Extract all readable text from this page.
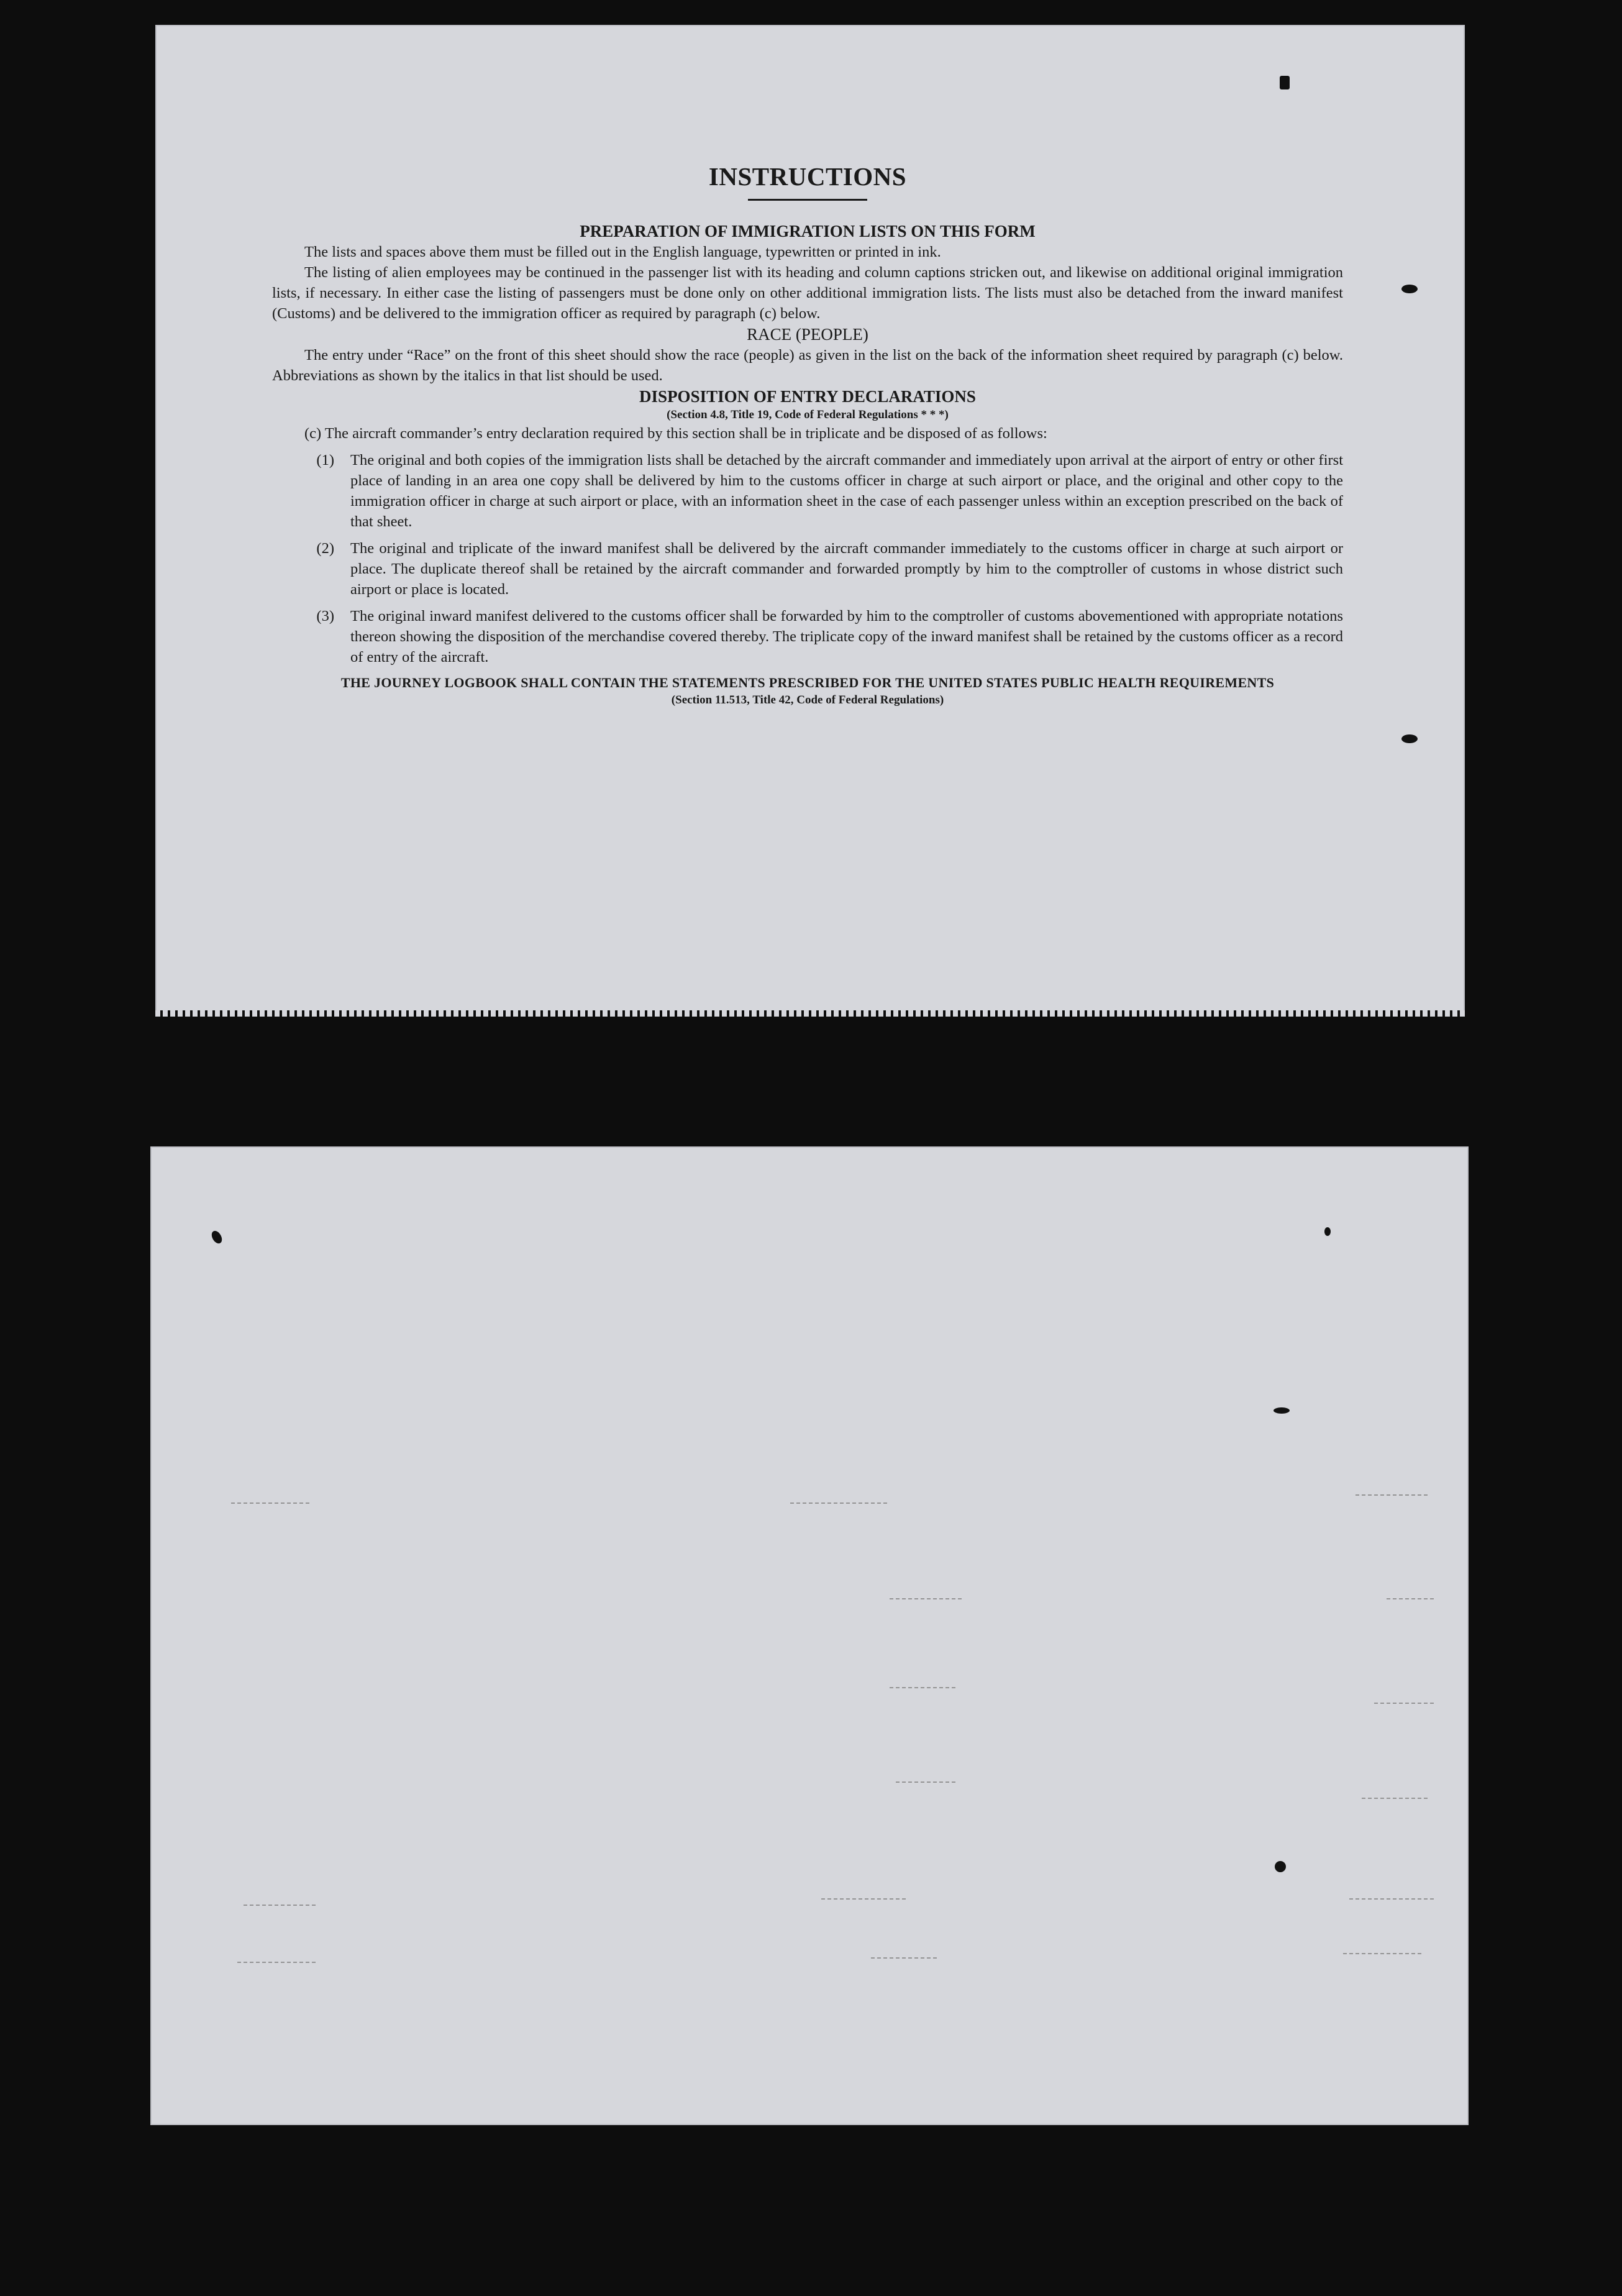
INSTRUCTIONS

PREPARATION OF IMMIGRATION LISTS ON THIS FORM

The lists and spaces above them must be filled out in the English language, typewritten or printed in ink.

The listing of alien employees may be continued in the passenger list with its heading and column captions stricken out, and likewise on additional original immigration lists, if necessary. In either case the listing of passengers must be done only on other additional immigration lists. The lists must also be detached from the inward manifest (Customs) and be delivered to the immigration officer as required by paragraph (c) below.

RACE (PEOPLE)

The entry under “Race” on the front of this sheet should show the race (people) as given in the list on the back of the information sheet required by paragraph (c) below. Abbreviations as shown by the italics in that list should be used.

DISPOSITION OF ENTRY DECLARATIONS

(Section 4.8, Title 19, Code of Federal Regulations * * *)

(c) The aircraft commander’s entry declaration required by this section shall be in triplicate and be disposed of as follows:

(1) The original and both copies of the immigration lists shall be detached by the aircraft commander and immediately upon arrival at the airport of entry or other first place of landing in an area one copy shall be delivered by him to the customs officer in charge at such airport or place, and the original and other copy to the immigration officer in charge at such airport or place, with an information sheet in the case of each passenger unless within an exception prescribed on the back of that sheet.
(2) The original and triplicate of the inward manifest shall be delivered by the aircraft commander immediately to the customs officer in charge at such airport or place. The duplicate thereof shall be retained by the aircraft commander and forwarded promptly by him to the comptroller of customs in whose district such airport or place is located.
(3) The original inward manifest delivered to the customs officer shall be forwarded by him to the comptroller of customs abovementioned with appropriate notations thereon showing the disposition of the merchandise covered thereby. The triplicate copy of the inward manifest shall be retained by the customs officer as a record of entry of the aircraft.

THE JOURNEY LOGBOOK SHALL CONTAIN THE STATEMENTS PRESCRIBED FOR THE UNITED STATES PUBLIC HEALTH REQUIREMENTS

(Section 11.513, Title 42, Code of Federal Regulations)
